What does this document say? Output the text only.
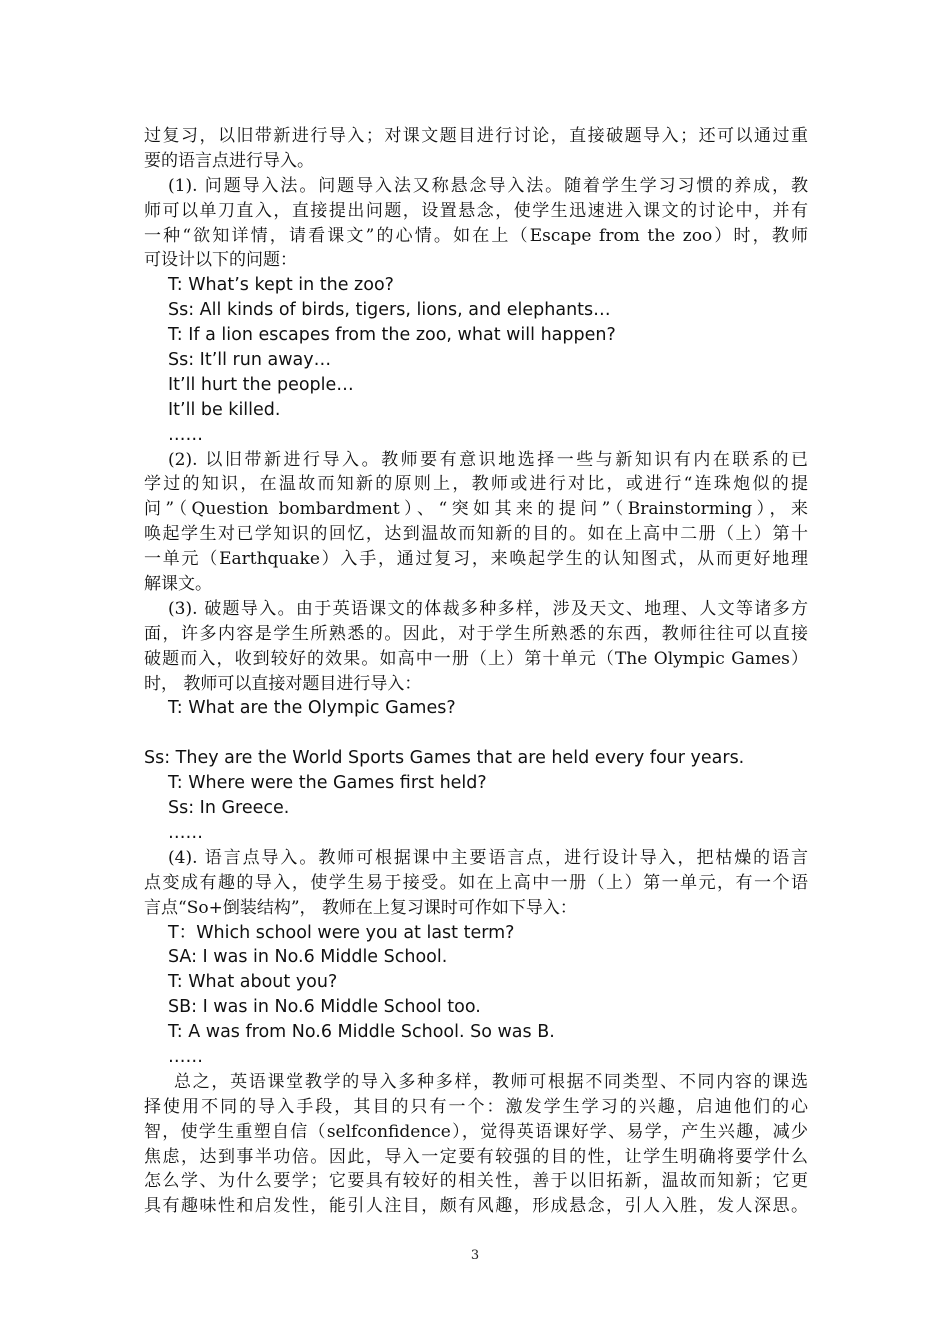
过复习，以旧带新进行导入；对课文题目进行讨论，直接破题导入；还可以通过重
要的语言点进行导入。
(1). 问题导入法。问题导入法又称悬念导入法。随着学生学习习惯的养成，教
师可以单刀直入，直接提出问题，设置悬念，使学生迅速进入课文的讨论中，并有
一种“欲知详情，请看课文”的心情。如在上（Escape from the zoo）时，教师
可设计以下的问题：
T: What’s kept in the zoo?
Ss: All kinds of birds, tigers, lions, and elephants…
T: If a lion escapes from the zoo, what will happen?
Ss: It’ll run away…
It’ll hurt the people…
It’ll be killed.
……
(2). 以旧带新进行导入。教师要有意识地选择一些与新知识有内在联系的已
学过的知识，在温故而知新的原则上，教师或进行对比，或进行“连珠炮似的提
问”（Question bombardment）、“突如其来的提问”（Brainstorming），来
唤起学生对已学知识的回忆，达到温故而知新的目的。如在上高中二册（上）第十
一单元（Earthquake）入手，通过复习，来唤起学生的认知图式，从而更好地理
解课文。
(3). 破题导入。由于英语课文的体裁多种多样，涉及天文、地理、人文等诸多方
面，许多内容是学生所熟悉的。因此，对于学生所熟悉的东西，教师往往可以直接
破题而入，收到较好的效果。如高中一册（上）第十单元（The Olympic Games）
时， 教师可以直接对题目进行导入：
T: What are the Olympic Games?
Ss: They are the World Sports Games that are held every four years.
T: Where were the Games first held?
Ss: In Greece.
……
(4). 语言点导入。教师可根据课中主要语言点，进行设计导入，把枯燥的语言
点变成有趣的导入，使学生易于接受。如在上高中一册（上）第一单元，有一个语
言点“So+倒装结构”， 教师在上复习课时可作如下导入：
T：Which school were you at last term?
SA: I was in No.6 Middle School.
T: What about you?
SB: I was in No.6 Middle School too.
T: A was from No.6 Middle School. So was B.
……
总之，英语课堂教学的导入多种多样，教师可根据不同类型、不同内容的课选
择使用不同的导入手段，其目的只有一个：激发学生学习的兴趣，启迪他们的心
智，使学生重塑自信（selfconfidence），觉得英语课好学、易学，产生兴趣，减少
焦虑，达到事半功倍。因此，导入一定要有较强的目的性，让学生明确将要学什么
怎么学、为什么要学；它要具有较好的相关性，善于以旧拓新，温故而知新；它更
具有趣味性和启发性，能引人注目，颇有风趣，形成悬念，引人入胜，发人深思。
3
